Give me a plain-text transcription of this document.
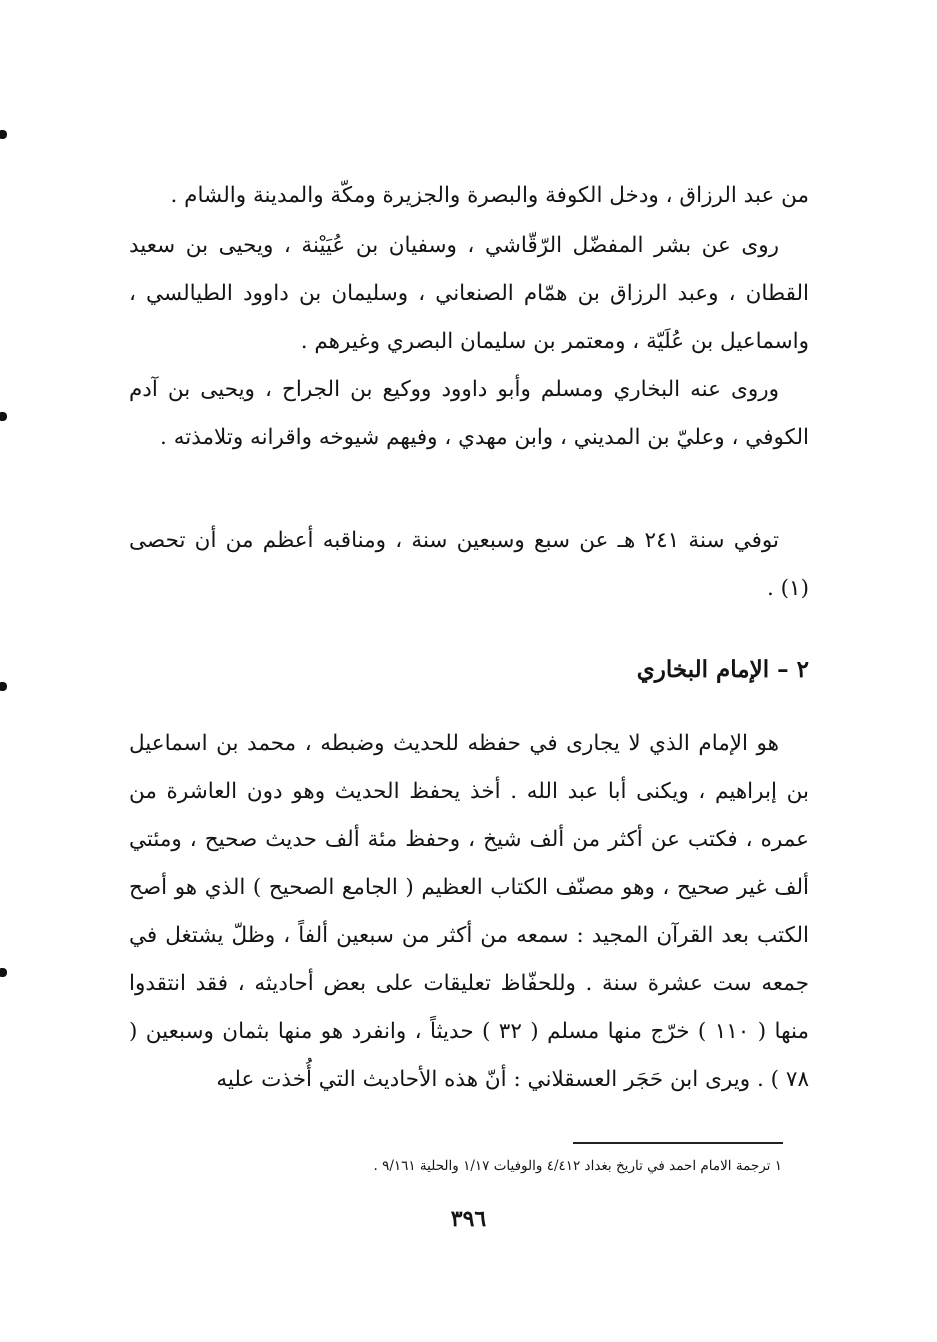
من عبد الرزاق ، ودخل الكوفة والبصرة والجزيرة ومكّة والمدينة والشام .

روى عن بشر المفضّل الرّقّاشي ، وسفيان بن عُيَيْنة ، ويحيى بن سعيد القطان ، وعبد الرزاق بن همّام الصنعاني ، وسليمان بن داوود الطيالسي ، واسماعيل بن عُلَيّة ، ومعتمر بن سليمان البصري وغيرهم .

وروى عنه البخاري ومسلم وأبو داوود ووكيع بن الجراح ، ويحيى بن آدم الكوفي ، وعليّ بن المديني ، وابن مهدي ، وفيهم شيوخه واقرانه وتلامذته .

توفي سنة ٢٤١ هـ عن سبع وسبعين سنة ، ومناقبه أعظم من أن تحصى (١) .

٢ – الإمام البخاري

هو الإمام الذي لا يجارى في حفظه للحديث وضبطه ، محمد بن اسماعيل بن إبراهيم ، ويكنى أبا عبد الله . أخذ يحفظ الحديث وهو دون العاشرة من عمره ، فكتب عن أكثر من ألف شيخ ، وحفظ مئة ألف حديث صحيح ، ومئتي ألف غير صحيح ، وهو مصنّف الكتاب العظيم ( الجامع الصحيح ) الذي هو أصح الكتب بعد القرآن المجيد : سمعه من أكثر من سبعين ألفاً ، وظلّ يشتغل في جمعه ست عشرة سنة . وللحفّاظ تعليقات على بعض أحاديثه ، فقد انتقدوا منها ( ١١٠ ) خرّج منها مسلم ( ٣٢ ) حديثاً ، وانفرد هو منها بثمان وسبعين ( ٧٨ ) . ويرى ابن حَجَر العسقلاني : أنّ هذه الأحاديث التي أُخذت عليه

١ ترجمة الامام احمد في تاريخ بغداد ٤/٤١٢ والوفيات ١/١٧ والحلية ٩/١٦١ .

٣٩٦
